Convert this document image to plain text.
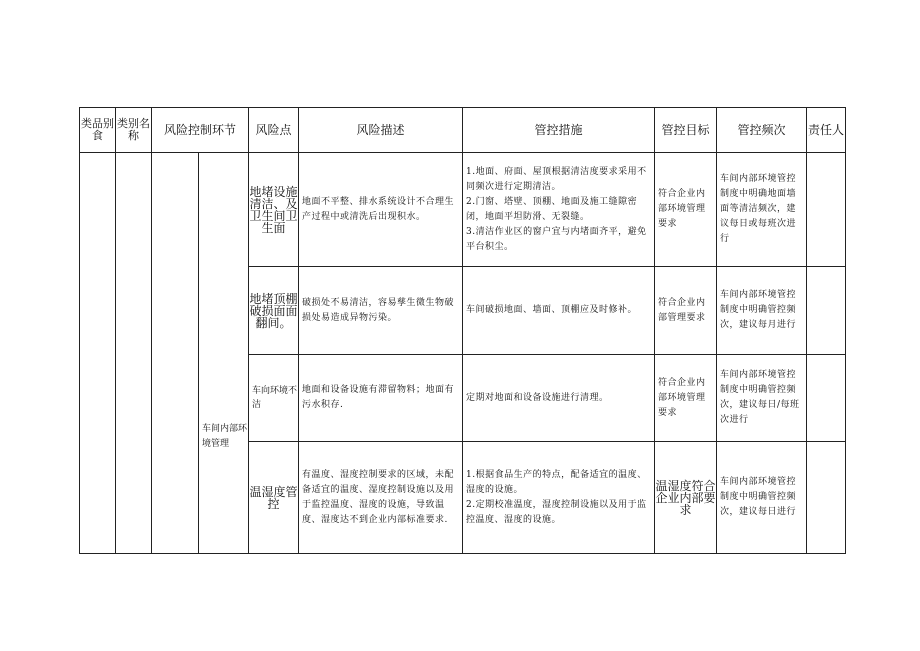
类品别食	类别名称	风险控制环节		风险点	风险描述	管控措施	管控目标	管控频次	责任人

			车间内部环境管理	地堵设施清洁、及卫生间卫生面	地面不平整、排水系统设计不合理生产过程中或清洗后出现积水。	1.地面、府面、屋顶根据清洁度要求采用不同频次进行定期清洁。
2.门窗、塔壁、顶棚、地面及施工缝隙密闭，地面平坦防滑、无裂缝。
3.清洁作业区的窗户宜与内堵面齐平，避免平台积尘。	符合企业内部环境管理要求	车间内部环境管控制度中明确地面墙面等清洁频次，建议每日或每班次进行	
				地堵顶棚破损面面翻间。	破损处不易清洁，容易孳生微生物破损处易造成异物污染。	车间破损地面、墙面、顶棚应及时修补。	符合企业内部管理要求	车间内部环境管控制度中明确管控频次，建议每月进行	
				车向环境不洁	地面和设备设施有滞留物料；地面有污水积存.	定期对地面和设备设施进行清理。	符合企业内部环境管理要求	车间内部环境管控制度中明确管控频次，建议每日/每班次进行	
				温湿度管控	有温度、湿度控制要求的区域，未配备适宜的温度、湿度控制设施以及用于监控温度、湿度的设施，导致温度、湿度达不到企业内部标准要求.	1.根据食品生产的特点，配备适宜的温度、湿度的设施。
2.定期校准温度，湿度控制设施以及用于监控温度、湿度的设施。	温湿度符合企业内部要求	车间内部环境管控制度中明确管控频次，建议每日进行	
